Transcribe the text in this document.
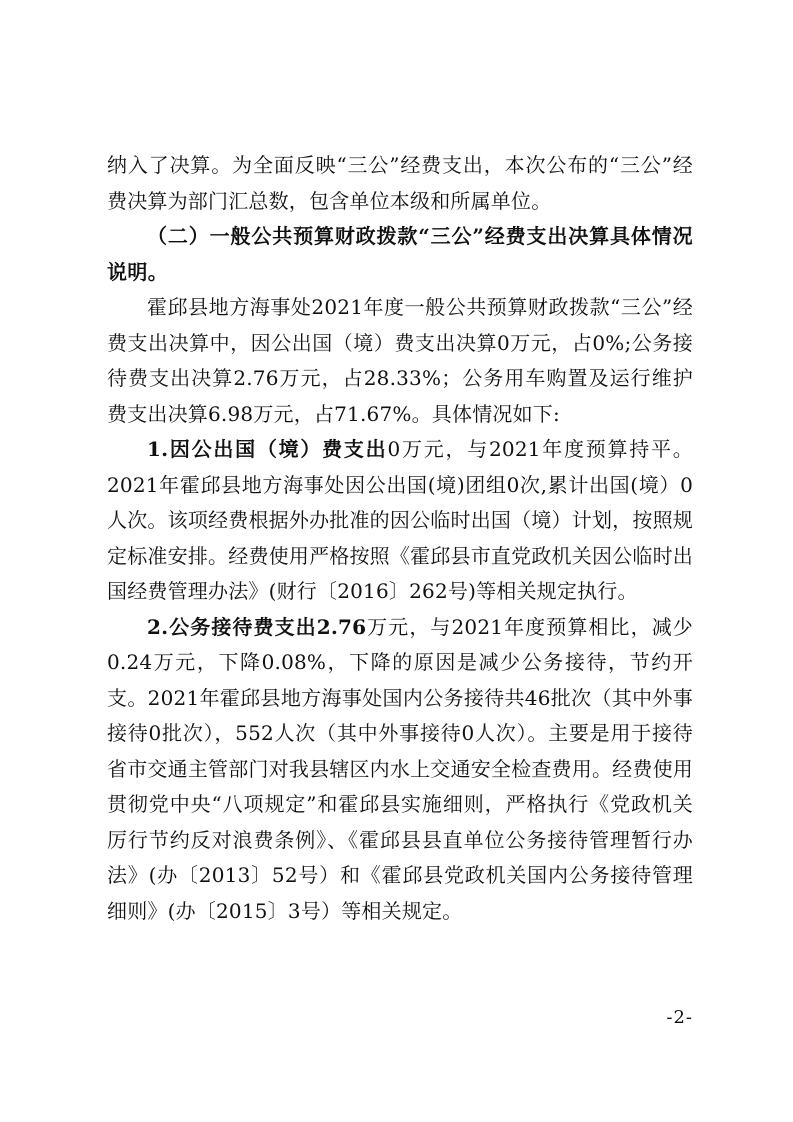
纳入了决算。为全面反映“三公”经费支出，本次公布的“三公”经费决算为部门汇总数，包含单位本级和所属单位。

（二）一般公共预算财政拨款“三公”经费支出决算具体情况说明。

霍邱县地方海事处2021年度一般公共预算财政拨款“三公”经费支出决算中，因公出国（境）费支出决算0万元，占0%;公务接待费支出决算2.76万元，占28.33%；公务用车购置及运行维护费支出决算6.98万元，占71.67%。具体情况如下:

1.因公出国（境）费支出0万元，与2021年度预算持平。2021年霍邱县地方海事处因公出国(境)团组0次,累计出国(境）0人次。该项经费根据外办批准的因公临时出国（境）计划，按照规定标准安排。经费使用严格按照《霍邱县市直党政机关因公临时出国经费管理办法》(财行〔2016〕262号)等相关规定执行。

2.公务接待费支出2.76万元，与2021年度预算相比，减少0.24万元，下降0.08%，下降的原因是减少公务接待，节约开支。2021年霍邱县地方海事处国内公务接待共46批次（其中外事接待0批次），552人次（其中外事接待0人次）。主要是用于接待省市交通主管部门对我县辖区内水上交通安全检查费用。经费使用贯彻党中央“八项规定”和霍邱县实施细则，严格执行《党政机关厉行节约反对浪费条例》、《霍邱县县直单位公务接待管理暂行办法》(办〔2013〕52号）和《霍邱县党政机关国内公务接待管理细则》(办〔2015〕3号）等相关规定。

-2-
